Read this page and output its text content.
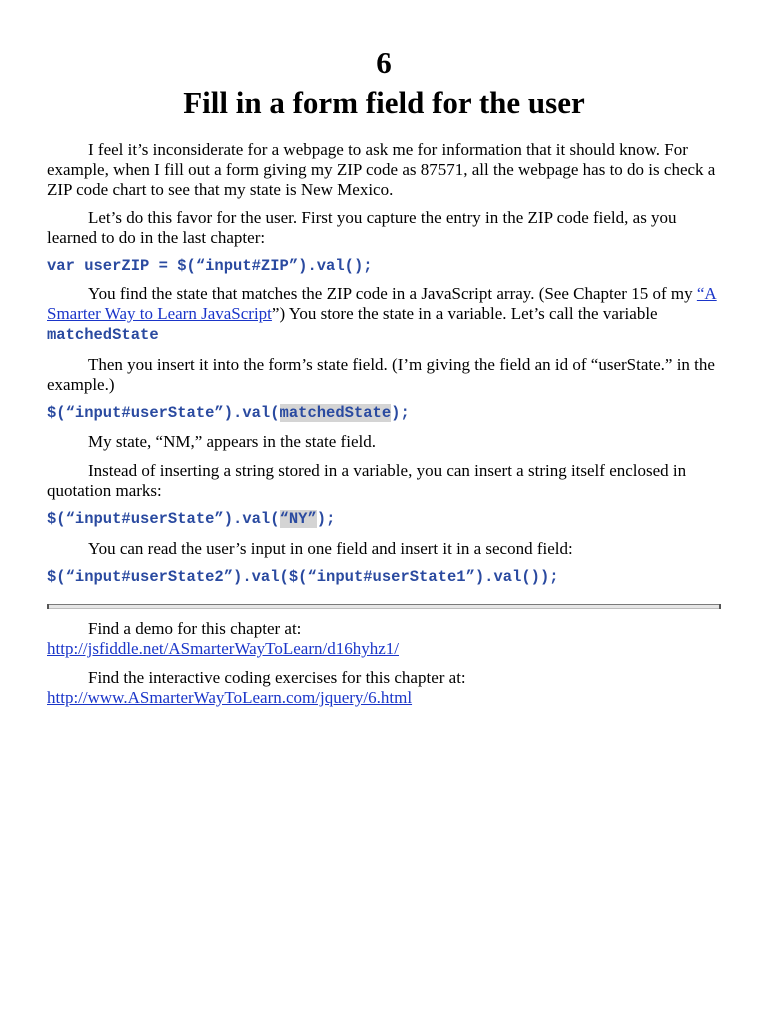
6
Fill in a form field for the user

I feel it’s inconsiderate for a webpage to ask me for information that it should know. For example, when I fill out a form giving my ZIP code as 87571, all the webpage has to do is check a ZIP code chart to see that my state is New Mexico.

Let’s do this favor for the user. First you capture the entry in the ZIP code field, as you learned to do in the last chapter:

var userZIP = $(“input#ZIP”).val();

You find the state that matches the ZIP code in a JavaScript array. (See Chapter 15 of my “A Smarter Way to Learn JavaScript”) You store the state in a variable. Let’s call the variable matchedState

Then you insert it into the form’s state field. (I’m giving the field an id of “userState.” in the example.)

$(“input#userState”).val(matchedState);

My state, “NM,” appears in the state field.

Instead of inserting a string stored in a variable, you can insert a string itself enclosed in quotation marks:

$(“input#userState”).val(“NY”);

You can read the user’s input in one field and insert it in a second field:

$(“input#userState2”).val($(“input#userState1”).val());

Find a demo for this chapter at:

http://jsfiddle.net/ASmarterWayToLearn/d16hyhz1/

Find the interactive coding exercises for this chapter at:

http://www.ASmarterWayToLearn.com/jquery/6.html
